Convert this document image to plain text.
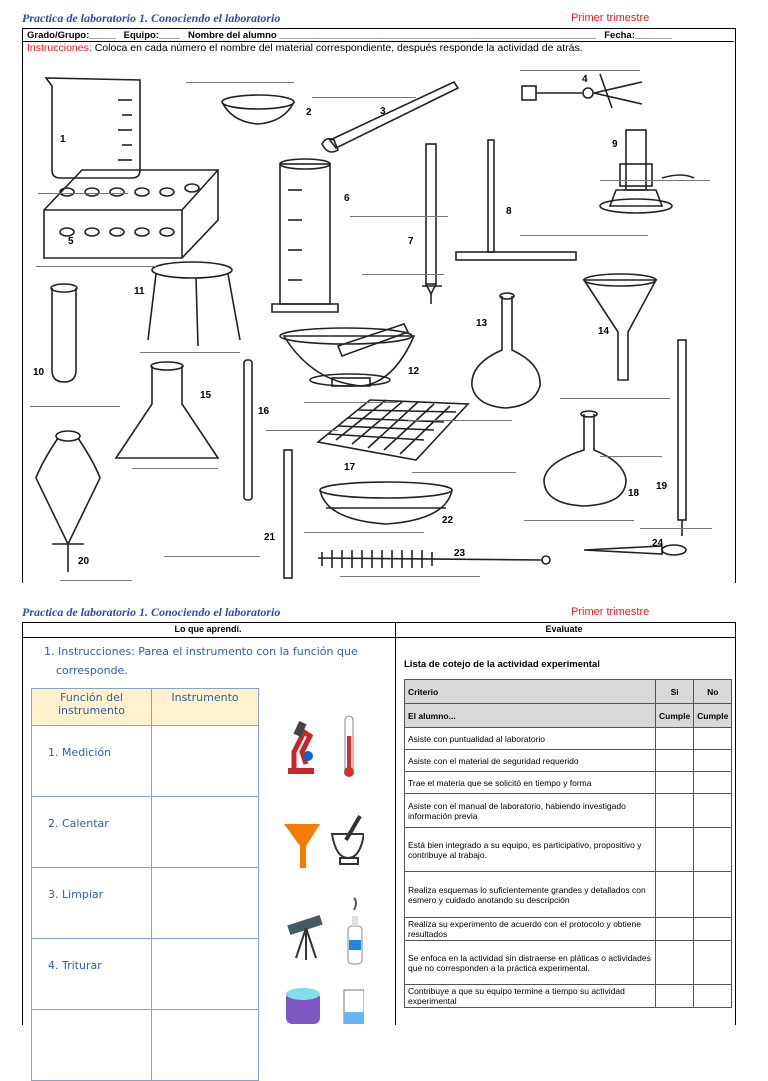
Practica de laboratorio 1. Conociendo el laboratorio	Primer trimestre
Grado/Grupo:_____   Equipo:____   Nombre del alumno ____________________________________________________________   Fecha:_______
Instrucciones: Coloca en cada número el nombre del material correspondiente, después responde la actividad de atrás.
1
2	3
4
5
6
7
8
9
10
11
12
13
14
15
16
17
18
19
20
21
22
23
24
Practica de laboratorio 1. Conociendo el laboratorio	Primer trimestre
Lo que aprendí.	Evaluate
1. Instrucciones: Parea el instrumento con la función que
corresponde.
Función del instrumento	Instrumento
1. Medición	
2. Calentar	
3. Limpiar	
4. Triturar	

Lista de cotejo de la actividad experimental
Criterio	Si	No
El alumno...	Cumple	Cumple
Asiste con puntualidad al laboratorio		
Asiste con el material de seguridad requerido		
Trae el materia que se solicitó en tiempo y forma		
Asiste con el manual de laboratorio, habiendo investigado información previa		
Está bien integrado a su equipo, es participativo, propositivo y contribuye al trabajo.		
Realiza esquemas lo suficientemente grandes y detallados con esmero y cuidado anotando su descripción		
Realiza su experimento de acuerdo con el protocolo y obtiene resultados		
Se enfoca en la actividad sin distraerse en pláticas o actividades que no corresponden a la práctica experimental.		
Contribuye a que su equipo termine a tiempo su actividad experimental		
